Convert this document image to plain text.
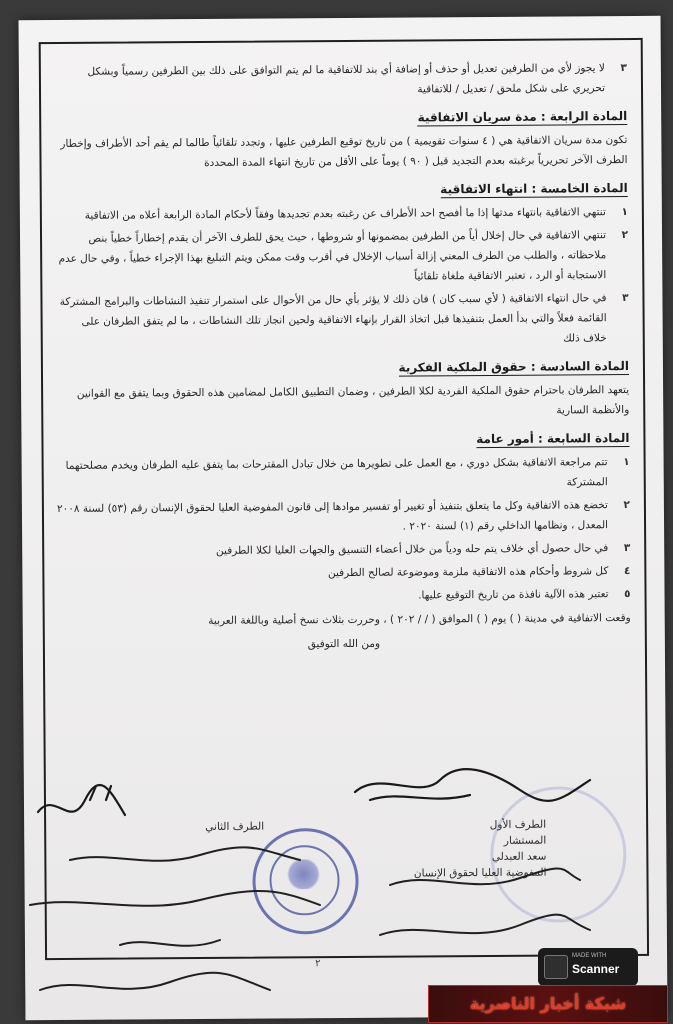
٣
لا يجوز لأي من الطرفين تعديل أو حذف أو إضافة أي بند للاتفاقية ما لم يتم التوافق على ذلك بين الطرفين رسمياً وبشكل تحريري على شكل ملحق / تعديل / للاتفاقية
المادة الرابعة : مدة سريان الاتفاقية
تكون مدة سريان الاتفاقية هي ( ٤ سنوات تقويمية ) من تاريخ توقيع الطرفين عليها ، وتجدد تلقائياً طالما لم يقم أحد الأطراف وإخطار الطرف الآخر تحريرياً برغبته بعدم التجديد قبل ( ٩٠ ) يوماً على الأقل من تاريخ انتهاء المدة المحددة
المادة الخامسة : انتهاء الاتفاقية
١
تنتهي الاتفاقية بانتهاء مدتها إذا ما أفصح احد الأطراف عن رغبته بعدم تجديدها وفقاً لأحكام المادة الرابعة أعلاه من الاتفاقية
٢
تنتهي الاتفاقية في حال إخلال أياً من الطرفين بمضمونها أو شروطها ، حيث يحق للطرف الآخر أن يقدم إخطاراً خطياً بنص ملاحظاته ، والطلب من الطرف المعني إزالة أسباب الإخلال في أقرب وقت ممكن ويتم التبليغ بهذا الإجراء خطياً ، وفي حال عدم الاستجابة أو الرد ، تعتبر الاتفاقية ملغاة تلقائياً
٣
في حال انتهاء الاتفاقية ( لأي سبب كان ) فان ذلك لا يؤثر بأي حال من الأحوال على استمرار تنفيذ النشاطات والبرامج المشتركة القائمة فعلاً والتي بدأ العمل بتنفيذها قبل اتخاذ القرار بإنهاء الاتفاقية ولحين انجاز تلك النشاطات ، ما لم يتفق الطرفان على خلاف ذلك
المادة السادسة : حقوق الملكية الفكرية
يتعهد الطرفان باحترام حقوق الملكية الفردية لكلا الطرفين ، وضمان التطبيق الكامل لمضامين هذه الحقوق وبما يتفق مع القوانين والأنظمة السارية
المادة السابعة : أمور عامة
١
تتم مراجعة الاتفاقية بشكل دوري ، مع العمل على تطويرها من خلال تبادل المقترحات بما يتفق عليه الطرفان ويخدم مصلحتهما المشتركة
٢
تخضع هذه الاتفاقية وكل ما يتعلق بتنفيذ أو تغيير أو تفسير موادها إلى قانون المفوضية العليا لحقوق الإنسان رقم (٥٣) لسنة ٢٠٠٨ المعدل ، ونظامها الداخلي رقم (١) لسنة ٢٠٢٠ .
٣
في حال حصول أي خلاف يتم حله ودياً من خلال أعضاء التنسيق والجهات العليا لكلا الطرفين
٤
كل شروط وأحكام هذه الاتفاقية ملزمة وموضوعة لصالح الطرفين
٥
تعتبر هذه الآلية نافذة من تاريخ التوقيع عليها.
وقعت الاتفاقية في مدينة ( ) يوم ( ) الموافق ( / / ٢٠٢ ) ، وحررت بثلاث نسخ أصلية وباللغة العربية
ومن الله التوفيق
الطرف الأول
المستشار
سعد العبدلي
المفوضية العليا لحقوق الإنسان
الطرف الثاني
٢
MADE WITH
Scanner
شبكة أخبار الناصرية
